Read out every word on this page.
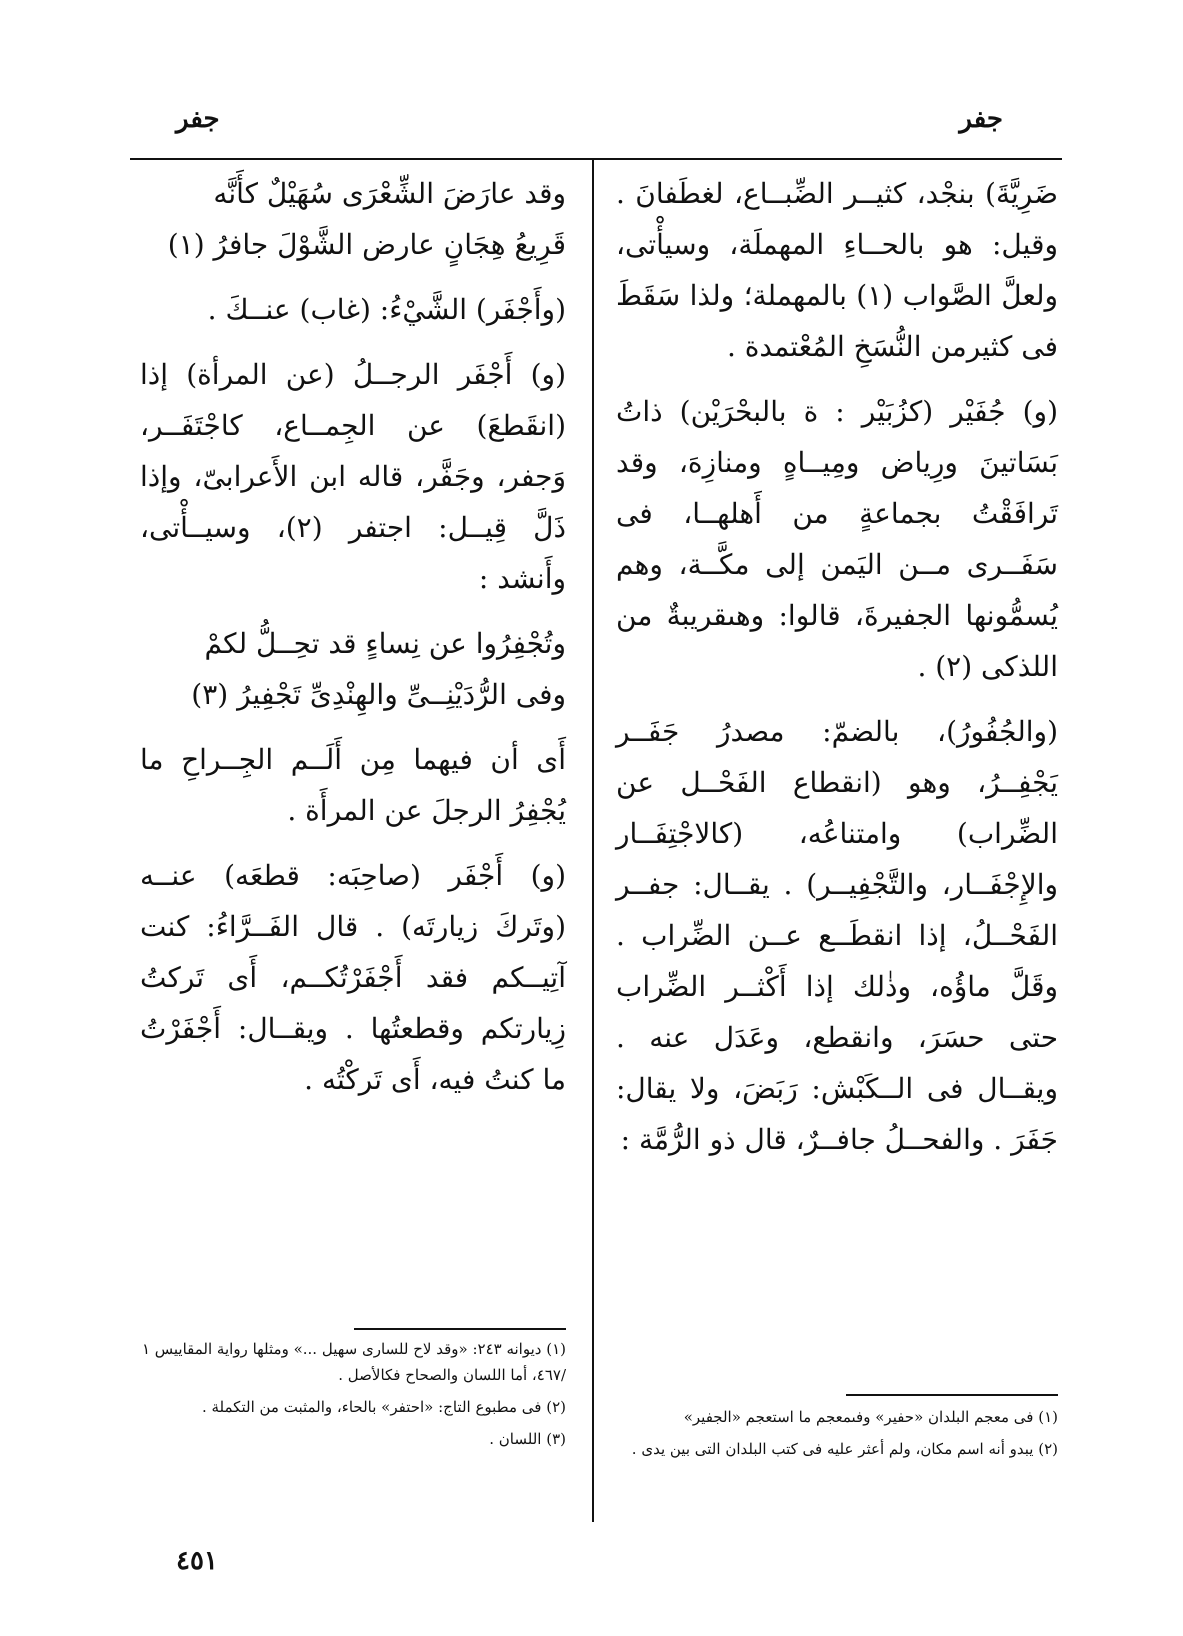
جفر
جفر

ضَرِيَّةَ) بنجْد، كثيــر الضِّبــاع، لغطَفانَ . وقيل: هو بالحــاءِ المهملَة، وسيأْتى، ولعلَّ الصَّواب (١) بالمهملة؛ ولذا سَقَطَ فى كثيرمن النُّسَخِ المُعْتمدة .

(و) جُفَيْر (كزُبَيْر : ة بالبحْرَيْن) ذاتُ بَسَاتينَ ورِياض ومِيــاهٍ ومنازِهَ، وقد تَرافَقْتُ بجماعةٍ من أَهلهــا، فى سَفَــرى مــن اليَمن إلى مكَّــة، وهم يُسمُّونها الجفيرةَ، قالوا: وهىقريبةٌ من اللذكى (٢) .

(والجُفُورُ)، بالضمّ: مصدرُ جَفَــر يَجْفِــرُ، وهو (انقطاع الفَحْــل عن الضِّراب) وامتناعُه، (كالاجْتِفَــار والإِجْفَــار، والتَّجْفِيــر) . يقــال: جفــر الفَحْــلُ، إذا انقطَــع عــن الضِّراب . وقَلَّ ماؤُه، وذٰلك إذا أَكْثــر الضِّراب حتى حسَرَ، وانقطع، وعَدَل عنه . ويقــال فى الــكَبْش: رَبَضَ، ولا يقال: جَفَرَ . والفحــلُ جافــرٌ، قال ذو الرُّمَّة :

وقد عارَضَ الشِّعْرَى سُهَيْلٌ كأَنَّه
قَرِيعُ هِجَانٍ عارض الشَّوْلَ جافرُ (١)

(وأَجْفَر) الشَّيْءُ: (غاب) عنــكَ .

(و) أَجْفَر الرجــلُ (عن المرأة) إذا (انقَطعَ) عن الجِمــاع، كاجْتَفَــر، وَجفر، وجَفَّر، قاله ابن الأَعرابىّ، وإذا ذَلَّ قِيــل: اجتفر (٢)، وسيــأْتى، وأَنشد :

وتُجْفِرُوا عن نِساءٍ قد تحِــلُّ لكمْ
وفى الرُّدَيْنِــىِّ والهِنْدِىِّ تَجْفِيرُ (٣)

أَى أن فيهما مِن أَلَــم الجِــراحِ ما يُجْفِرُ الرجلَ عن المرأَة .

(و) أَجْفَر (صاحِبَه: قطعَه) عنــه (وتَركَ زيارتَه) . قال الفَــرَّاءُ: كنت آتِيــكم فقد أَجْفَرْتُكــم، أَى تَركتُ زِيارتكم وقطعتُها . ويقــال: أَجْفَرْتُ ما كنتُ فيه، أَى تَركْتُه .

(١) فى معجم البلدان «حفير» وفىمعجم ما استعجم «الجفير»
(٢) يبدو أنه اسم مكان، ولم أعثر عليه فى كتب البلدان التى بين يدى .
(١) ديوانه ٢٤٣: «وقد لاح للسارى سهيل ...» ومثلها رواية المقاييس ١ /٤٦٧، أما اللسان والصحاح فكالأصل .
(٢) فى مطبوع التاج: «احتفر» بالحاء، والمثبت من التكملة .
(٣) اللسان .
٤٥١
